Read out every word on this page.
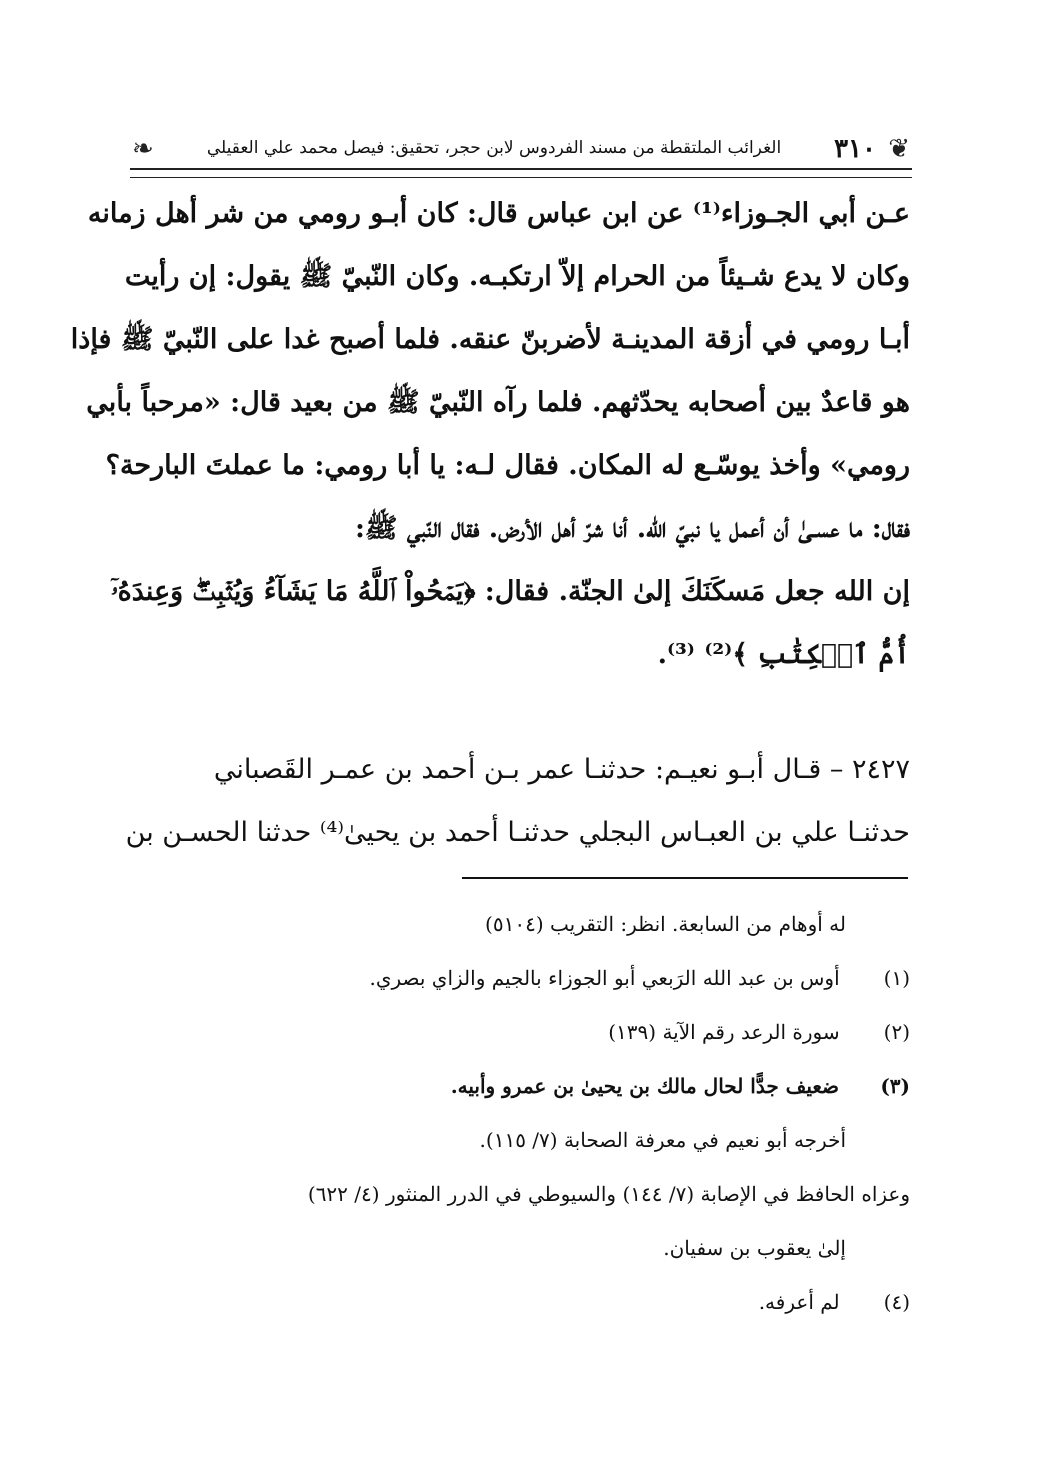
❦
٣١٠
الغرائب الملتقطة من مسند الفردوس لابن حجر، تحقيق: فيصل محمد علي العقيلي
❧
عـن أبي الجـوزاء⁽¹⁾ عن ابن عباس قال: كان أبـو رومي من شر أهل زمانه
وكان لا يدع شـيئاً من الحرام إلاّ ارتكبـه. وكان النّبيّ ﷺ يقول: إن رأيت
أبـا رومي في أزقة المدينـة لأضربنّ عنقه. فلما أصبح غدا على النّبيّ ﷺ فإذا
هو قاعدٌ بين أصحابه يحدّثهم. فلما رآه النّبيّ ﷺ من بعيد قال: «مرحباً بأبي
رومي» وأخذ يوسّـع له المكان. فقال لـه: يا أبا رومي: ما عملتَ البارحة؟
فقال: ما عسـىٰ أن أعمل يا نبيّ الله. أنا شرّ أهل الأرض. فقال النّبي ﷺ:
إن الله جعل مَسكَنَكَ إلىٰ الجنّة. فقال: ﴿يَمۡحُواْ ٱللَّهُ مَا يَشَآءُ وَيُثۡبِتُۖ وَعِندَهُۥٓ
أُمُّ ٱلۡكِتَٰبِ ﴾⁽²⁾ ⁽³⁾.
٢٤٢٧ – قـال أبـو نعيـم: حدثنـا عمر بـن أحمد بن عمـر القَصباني
حدثنـا علي بن العبـاس البجلي حدثنـا أحمد بن يحيىٰ⁽⁴⁾ حدثنا الحسـن بن
له أوهام من السابعة. انظر: التقريب (٥١٠٤)
(١) أوس بن عبد الله الرَبعي أبو الجوزاء بالجيم والزاي بصري.
(٢) سورة الرعد رقم الآية (١٣٩)
(٣) ضعيف جدًّا لحال مالك بن يحيىٰ بن عمرو وأبيه.
أخرجه أبو نعيم في معرفة الصحابة (٧/ ١١٥).
وعزاه الحافظ في الإصابة (٧/ ١٤٤) والسيوطي في الدرر المنثور (٤/ ٦٢٢)
إلىٰ يعقوب بن سفيان.
(٤) لم أعرفه.
